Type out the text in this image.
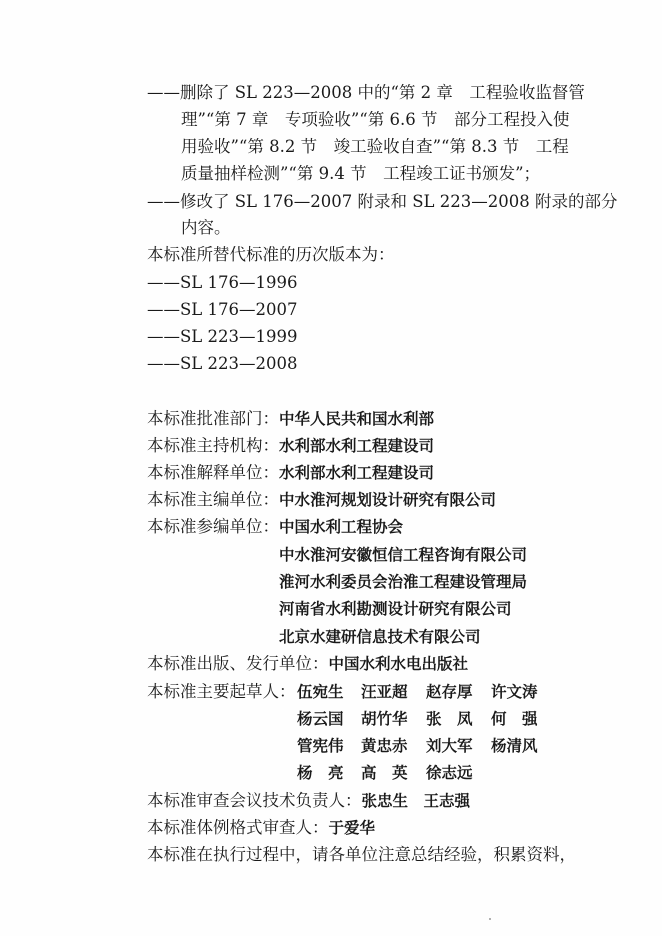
——删除了 SL 223—2008 中的“第 2 章　工程验收监督管
理”“第 7 章　专项验收”“第 6.6 节　部分工程投入使
用验收”“第 8.2 节　竣工验收自查”“第 8.3 节　工程
质量抽样检测”“第 9.4 节　工程竣工证书颁发”；
——修改了 SL 176—2007 附录和 SL 223—2008 附录的部分
内容。
本标准所替代标准的历次版本为：
——SL 176—1996
——SL 176—2007
——SL 223—1999
——SL 223—2008
本标准批准部门：中华人民共和国水利部
本标准主持机构：水利部水利工程建设司
本标准解释单位：水利部水利工程建设司
本标准主编单位：中水淮河规划设计研究有限公司
本标准参编单位：中国水利工程协会
中水淮河安徽恒信工程咨询有限公司
淮河水利委员会治淮工程建设管理局
河南省水利勘测设计研究有限公司
北京水建研信息技术有限公司
本标准出版、发行单位：中国水利水电出版社
本标准主要起草人： 伍宛生 汪亚超 赵存厚 许文涛
杨云国 胡竹华 张　凤 何　强
管宪伟 黄忠赤 刘大军 杨清风
杨　亮 高　英 徐志远
本标准审查会议技术负责人：张忠生　王志强
本标准体例格式审查人：于爱华
本标准在执行过程中，请各单位注意总结经验，积累资料，
